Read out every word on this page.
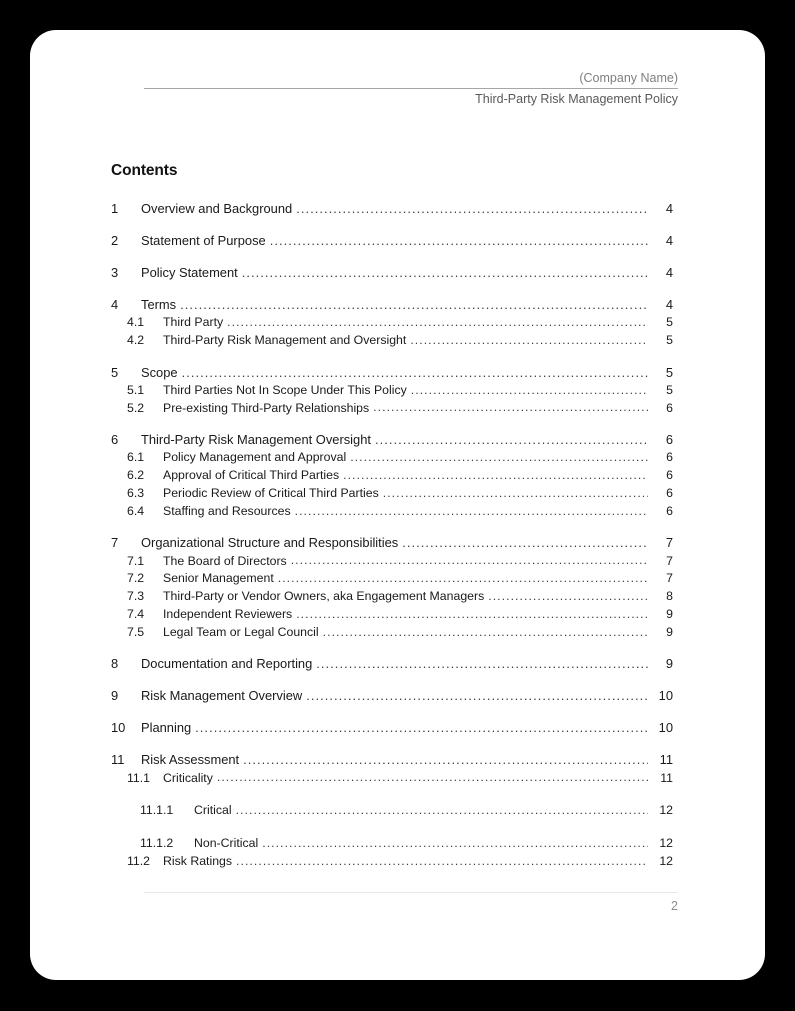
(Company Name)
Third-Party Risk Management Policy
Contents
1	Overview and Background .....	4
2	Statement of Purpose .....	4
3	Policy Statement .....	4
4	Terms .....	4
4.1	Third Party .....	5
4.2	Third-Party Risk Management and Oversight .....	5
5	Scope .....	5
5.1	Third Parties Not In Scope Under This Policy .....	5
5.2	Pre-existing Third-Party Relationships .....	6
6	Third-Party Risk Management Oversight .....	6
6.1	Policy Management and Approval .....	6
6.2	Approval of Critical Third Parties .....	6
6.3	Periodic Review of Critical Third Parties .....	6
6.4	Staffing and Resources .....	6
7	Organizational Structure and Responsibilities .....	7
7.1	The Board of Directors .....	7
7.2	Senior Management .....	7
7.3	Third-Party or Vendor Owners, aka Engagement Managers .....	8
7.4	Independent Reviewers .....	9
7.5	Legal Team or Legal Council .....	9
8	Documentation and Reporting .....	9
9	Risk Management Overview .....	10
10	Planning .....	10
11	Risk Assessment .....	11
11.1	Criticality .....	11
11.1.1	Critical .....	12
11.1.2	Non-Critical .....	12
11.2	Risk Ratings .....	12
2
